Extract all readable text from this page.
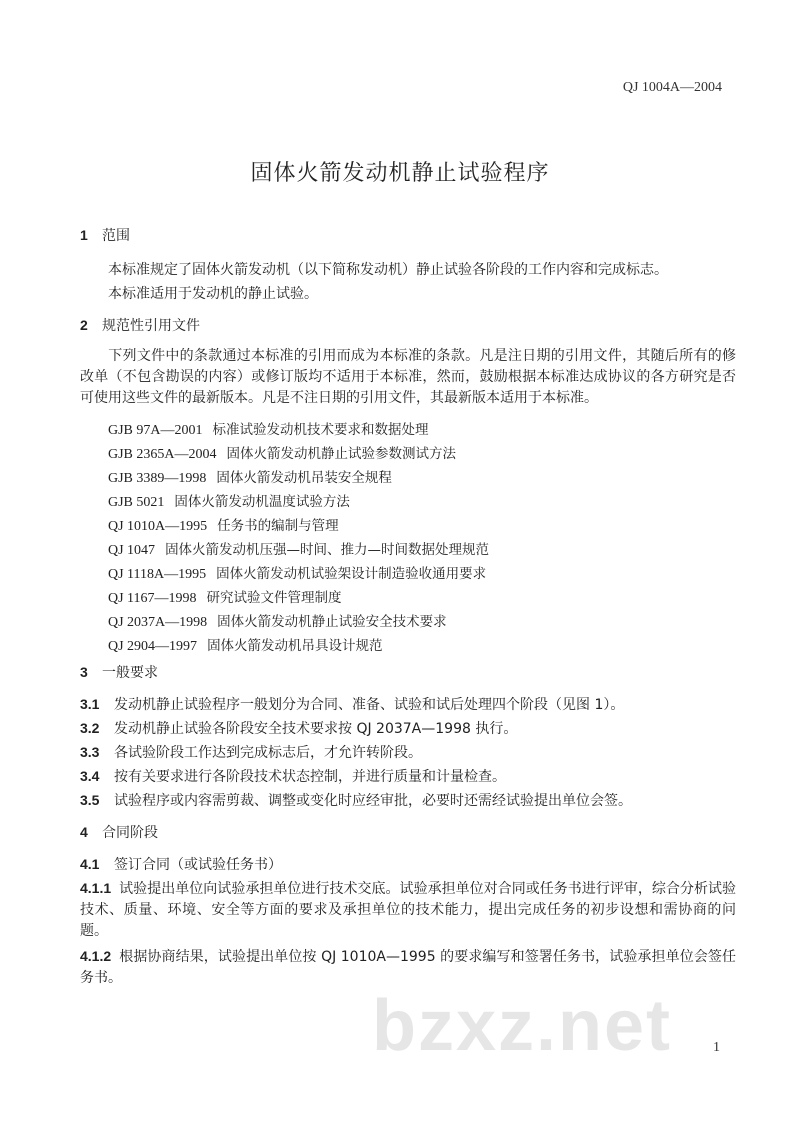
QJ 1004A—2004
固体火箭发动机静止试验程序
1 范围
本标准规定了固体火箭发动机（以下简称发动机）静止试验各阶段的工作内容和完成标志。
本标准适用于发动机的静止试验。
2 规范性引用文件
下列文件中的条款通过本标准的引用而成为本标准的条款。凡是注日期的引用文件，其随后所有的修改单（不包含勘误的内容）或修订版均不适用于本标准，然而，鼓励根据本标准达成协议的各方研究是否可使用这些文件的最新版本。凡是不注日期的引用文件，其最新版本适用于本标准。
GJB 97A—2001 标准试验发动机技术要求和数据处理
GJB 2365A—2004 固体火箭发动机静止试验参数测试方法
GJB 3389—1998 固体火箭发动机吊装安全规程
GJB 5021 固体火箭发动机温度试验方法
QJ 1010A—1995 任务书的编制与管理
QJ 1047 固体火箭发动机压强—时间、推力—时间数据处理规范
QJ 1118A—1995 固体火箭发动机试验架设计制造验收通用要求
QJ 1167—1998 研究试验文件管理制度
QJ 2037A—1998 固体火箭发动机静止试验安全技术要求
QJ 2904—1997 固体火箭发动机吊具设计规范
3 一般要求
3.1 发动机静止试验程序一般划分为合同、准备、试验和试后处理四个阶段（见图 1）。
3.2 发动机静止试验各阶段安全技术要求按 QJ 2037A—1998 执行。
3.3 各试验阶段工作达到完成标志后，才允许转阶段。
3.4 按有关要求进行各阶段技术状态控制，并进行质量和计量检查。
3.5 试验程序或内容需剪裁、调整或变化时应经审批，必要时还需经试验提出单位会签。
4 合同阶段
4.1 签订合同（或试验任务书）
4.1.1 试验提出单位向试验承担单位进行技术交底。试验承担单位对合同或任务书进行评审，综合分析试验技术、质量、环境、安全等方面的要求及承担单位的技术能力，提出完成任务的初步设想和需协商的问题。
4.1.2 根据协商结果，试验提出单位按 QJ 1010A—1995 的要求编写和签署任务书，试验承担单位会签任务书。
bzxz.net	1
